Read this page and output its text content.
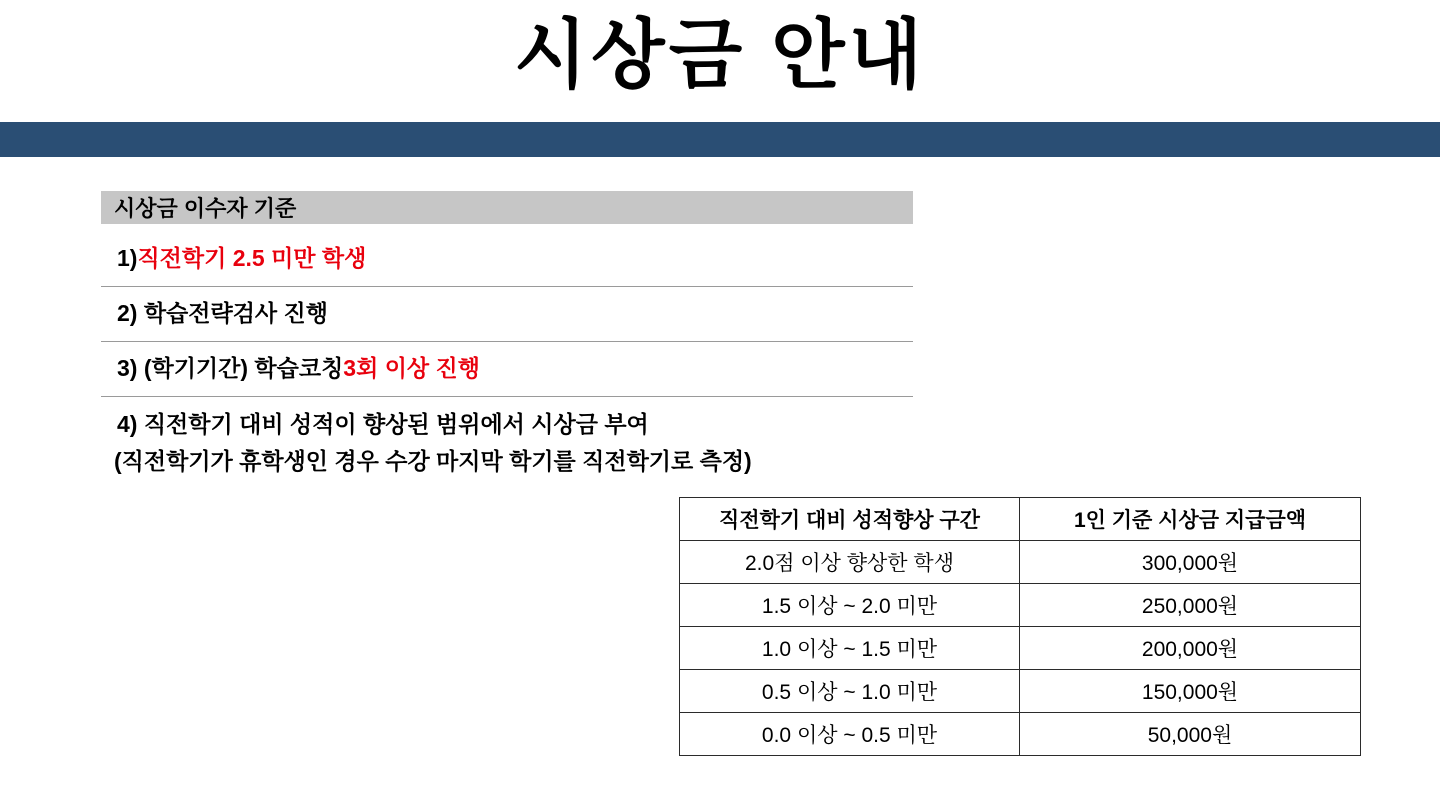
시상금 안내
시상금 이수자 기준
1) 직전학기 2.5 미만 학생
2) 학습전략검사 진행
3) (학기기간) 학습코칭 3회 이상 진행
4) 직전학기 대비 성적이 향상된 범위에서 시상금 부여
(직전학기가 휴학생인 경우 수강 마지막 학기를 직전학기로 측정)
직전학기 대비 성적향상 구간	1인 기준 시상금 지급금액
2.0점 이상 향상한 학생	300,000원
1.5 이상 ~ 2.0 미만	250,000원
1.0 이상 ~ 1.5 미만	200,000원
0.5 이상 ~ 1.0 미만	150,000원
0.0 이상 ~ 0.5 미만	50,000원
